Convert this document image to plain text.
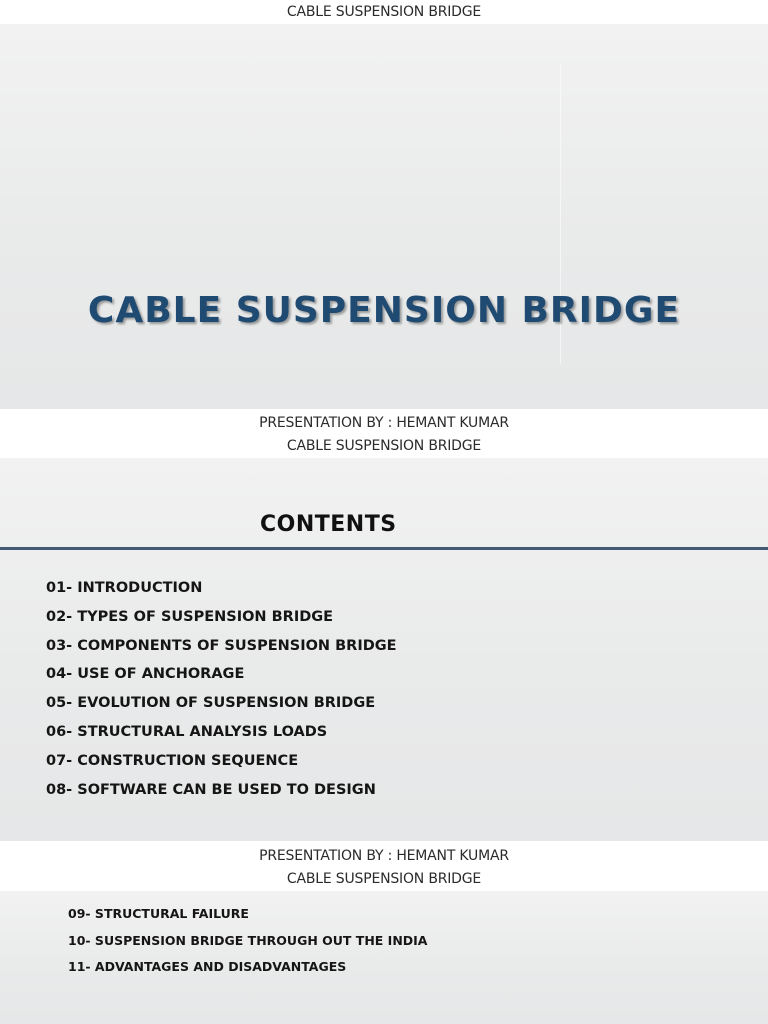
CABLE SUSPENSION BRIDGE
CABLE SUSPENSION BRIDGE
PRESENTATION BY : HEMANT KUMAR
CABLE SUSPENSION BRIDGE
CONTENTS
01- INTRODUCTION
02- TYPES OF SUSPENSION BRIDGE
03- COMPONENTS OF SUSPENSION BRIDGE
04- USE OF ANCHORAGE
05- EVOLUTION OF SUSPENSION BRIDGE
06- STRUCTURAL ANALYSIS LOADS
07- CONSTRUCTION SEQUENCE
08- SOFTWARE CAN BE USED TO DESIGN
PRESENTATION BY : HEMANT KUMAR
CABLE SUSPENSION BRIDGE
09- STRUCTURAL FAILURE
10- SUSPENSION BRIDGE THROUGH OUT THE INDIA
11- ADVANTAGES AND DISADVANTAGES
